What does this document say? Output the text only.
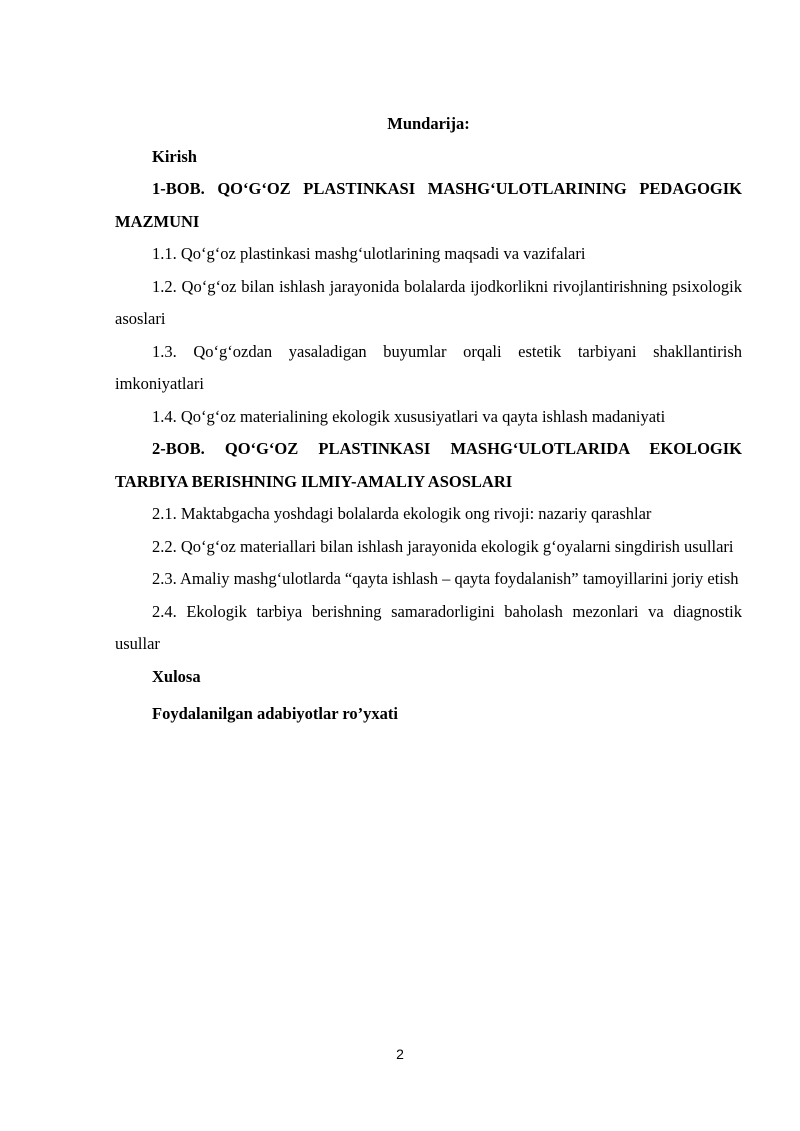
Mundarija:

Kirish

1-BOB. QO‘G‘OZ PLASTINKASI MASHG‘ULOTLARINING PEDAGOGIK MAZMUNI

1.1. Qo‘g‘oz plastinkasi mashg‘ulotlarining maqsadi va vazifalari

1.2. Qo‘g‘oz bilan ishlash jarayonida bolalarda ijodkorlikni rivojlantirishning psixologik asoslari

1.3. Qo‘g‘ozdan yasaladigan buyumlar orqali estetik tarbiyani shakllantirish imkoniyatlari

1.4. Qo‘g‘oz materialining ekologik xususiyatlari va qayta ishlash madaniyati

2-BOB. QO‘G‘OZ PLASTINKASI MASHG‘ULOTLARIDA EKOLOGIK TARBIYA BERISHNING ILMIY-AMALIY ASOSLARI

2.1. Maktabgacha yoshdagi bolalarda ekologik ong rivoji: nazariy qarashlar

2.2. Qo‘g‘oz materiallari bilan ishlash jarayonida ekologik g‘oyalarni singdirish usullari

2.3. Amaliy mashg‘ulotlarda “qayta ishlash – qayta foydalanish” tamoyillarini joriy etish

2.4. Ekologik tarbiya berishning samaradorligini baholash mezonlari va diagnostik usullar

Xulosa

Foydalanilgan adabiyotlar ro’yxati

2
